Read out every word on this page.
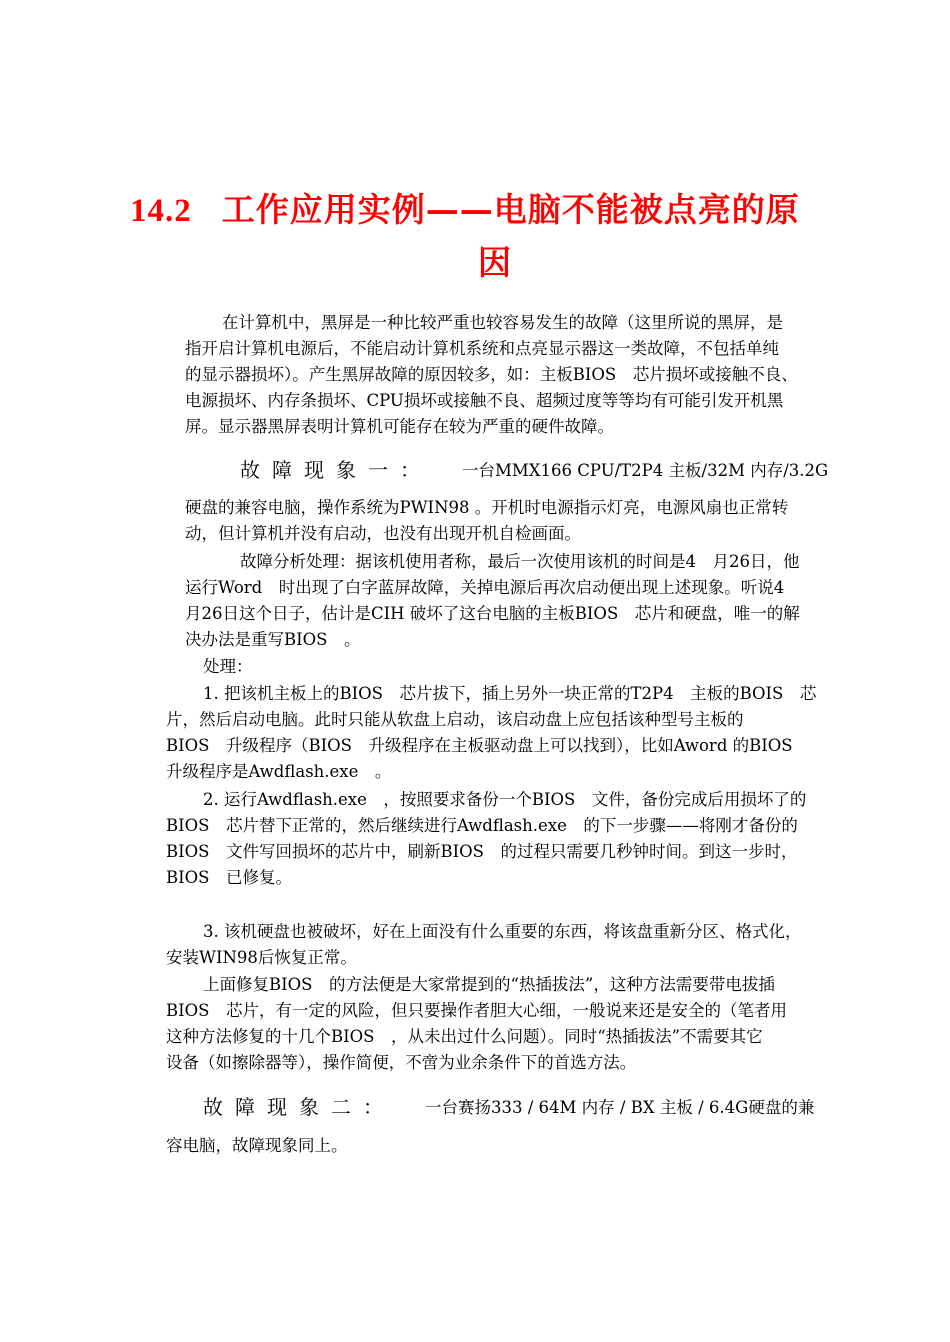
14.2 工作应用实例——电脑不能被点亮的原
因
在计算机中，黑屏是一种比较严重也较容易发生的故障（这里所说的黑屏，是
指开启计算机电源后，不能启动计算机系统和点亮显示器这一类故障，不包括单纯
的显示器损坏）。产生黑屏故障的原因较多，如：主板BIOS　芯片损坏或接触不良、
电源损坏、内存条损坏、CPU损坏或接触不良、超频过度等等均有可能引发开机黑
屏。显示器黑屏表明计算机可能存在较为严重的硬件故障。
故障现象一： 一台MMX166 CPU/T2P4 主板/32M 内存/3.2G
硬盘的兼容电脑，操作系统为PWIN98 。开机时电源指示灯亮，电源风扇也正常转
动，但计算机并没有启动，也没有出现开机自检画面。
故障分析处理：据该机使用者称，最后一次使用该机的时间是4　月26日，他
运行Word　时出现了白字蓝屏故障，关掉电源后再次启动便出现上述现象。听说4
月26日这个日子，估计是CIH 破坏了这台电脑的主板BIOS　芯片和硬盘，唯一的解
决办法是重写BIOS　。
处理：
1. 把该机主板上的BIOS　芯片拔下，插上另外一块正常的T2P4　主板的BOIS　芯
片，然后启动电脑。此时只能从软盘上启动，该启动盘上应包括该种型号主板的
BIOS　升级程序（BIOS　升级程序在主板驱动盘上可以找到），比如Aword 的BIOS
升级程序是Awdflash.exe　。
2. 运行Awdflash.exe　，按照要求备份一个BIOS　文件，备份完成后用损坏了的
BIOS　芯片替下正常的，然后继续进行Awdflash.exe　的下一步骤——将刚才备份的
BIOS　文件写回损坏的芯片中，刷新BIOS　的过程只需要几秒钟时间。到这一步时，
BIOS　已修复。
3. 该机硬盘也被破坏，好在上面没有什么重要的东西，将该盘重新分区、格式化，
安装WIN98后恢复正常。
上面修复BIOS　的方法便是大家常提到的“热插拔法”，这种方法需要带电拔插
BIOS　芯片，有一定的风险，但只要操作者胆大心细，一般说来还是安全的（笔者用
这种方法修复的十几个BIOS　，从未出过什么问题）。同时“热插拔法”不需要其它
设备（如擦除器等），操作简便，不啻为业余条件下的首选方法。
故障现象二： 一台赛扬333 / 64M 内存 / BX 主板 / 6.4G硬盘的兼
容电脑，故障现象同上。
